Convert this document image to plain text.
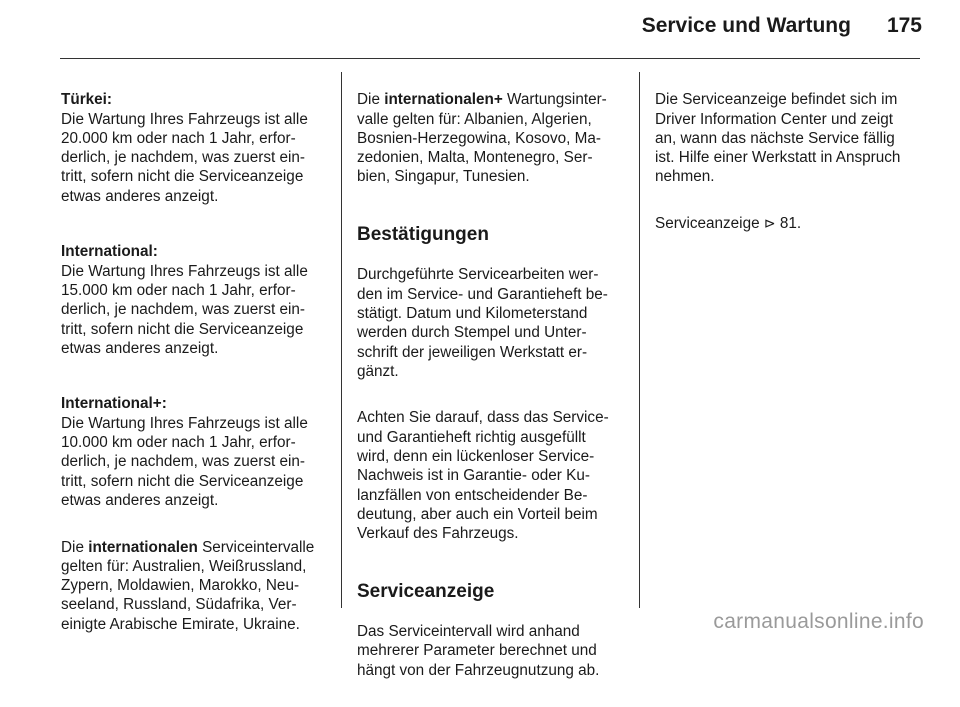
Service und Wartung 175

Türkei:
Die Wartung Ihres Fahrzeugs ist alle
20.000 km oder nach 1 Jahr, erfor-
derlich, je nachdem, was zuerst ein-
tritt, sofern nicht die Serviceanzeige
etwas anderes anzeigt.

International:
Die Wartung Ihres Fahrzeugs ist alle
15.000 km oder nach 1 Jahr, erfor-
derlich, je nachdem, was zuerst ein-
tritt, sofern nicht die Serviceanzeige
etwas anderes anzeigt.

International+:
Die Wartung Ihres Fahrzeugs ist alle
10.000 km oder nach 1 Jahr, erfor-
derlich, je nachdem, was zuerst ein-
tritt, sofern nicht die Serviceanzeige
etwas anderes anzeigt.

Die internationalen Serviceintervalle
gelten für: Australien, Weißrussland,
Zypern, Moldawien, Marokko, Neu-
seeland, Russland, Südafrika, Ver-
einigte Arabische Emirate, Ukraine.

Die internationalen+ Wartungsinter-
valle gelten für: Albanien, Algerien,
Bosnien-Herzegowina, Kosovo, Ma-
zedonien, Malta, Montenegro, Ser-
bien, Singapur, Tunesien.

Bestätigungen

Durchgeführte Servicearbeiten wer-
den im Service- und Garantieheft be-
stätigt. Datum und Kilometerstand
werden durch Stempel und Unter-
schrift der jeweiligen Werkstatt er-
gänzt.

Achten Sie darauf, dass das Service-
und Garantieheft richtig ausgefüllt
wird, denn ein lückenloser Service-
Nachweis ist in Garantie- oder Ku-
lanzfällen von entscheidender Be-
deutung, aber auch ein Vorteil beim
Verkauf des Fahrzeugs.

Serviceanzeige

Das Serviceintervall wird anhand
mehrerer Parameter berechnet und
hängt von der Fahrzeugnutzung ab.

Die Serviceanzeige befindet sich im
Driver Information Center und zeigt
an, wann das nächste Service fällig
ist. Hilfe einer Werkstatt in Anspruch
nehmen.

Serviceanzeige ⊳ 81.

carmanualsonline.info
